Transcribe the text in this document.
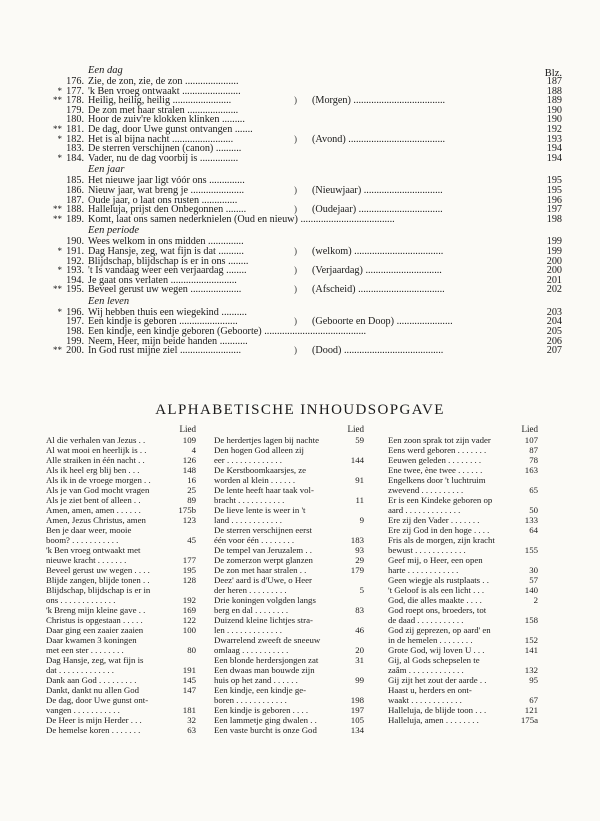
Blz.
Een dag
176. Zie, de zon, zie, de zon .....................	187
* 177. 'k Ben vroeg ontwaakt .......................	188
** 178. Heilig, heilig, heilig .......................	) (Morgen) ....................................	189
179. De zon met haar stralen ....................	190
180. Hoor de zuiv're klokken klinken .........	190
** 181. De dag, door Uwe gunst ontvangen .......	192
* 182. Het is al bijna nacht ........................	) (Avond) ......................................	193
183. De sterren verschijnen (canon) ..........	194
* 184. Vader, nu de dag voorbij is ...............	194
Een jaar
185. Het nieuwe jaar ligt vóór ons ..............	195
186. Nieuw jaar, wat breng je .....................	) (Nieuwjaar) ...............................	195
187. Oude jaar, o laat ons rusten ..............	196
** 188. Halleluja, prijst den Onbegonnen ........	) (Oudejaar) .................................	197
** 189. Komt, laat ons samen nederknielen (Oud en nieuw) .....................................	198
Een periode
190. Wees welkom in ons midden ..............	199
* 191. Dag Hansje, zeg, wat fijn is dat ..........	) (welkom) ...................................	199
192. Blijdschap, blijdschap is er in ons ........	200
* 193. 't Is vandaag weer een verjaardag ........	) (Verjaardag) ..............................	200
194. Je gaat ons verlaten ..........................	201
** 195. Beveel gerust uw wegen ....................	) (Afscheid) ..................................	202
Een leven
* 196. Wij hebben thuis een wiegekind ..........	203
197. Een kindje is geboren .......................	) (Geboorte en Doop) ......................	204
198. Een kindje, een kindje geboren (Geboorte) ........................................	205
199. Neem, Heer, mijn beide handen ...........	206
** 200. In God rust mijne ziel ........................	) (Dood) .......................................	207
ALPHABETISCHE INHOUDSOPGAVE
Lied
Al die verhalen van Jezus . .	109
Al wat mooi en heerlijk is . .	4
Alle straiken in één nacht . .	126
Als ik heel erg blij ben . . .	148
Als ik in de vroege morgen . .	16
Als je van God mocht vragen	25
Als je ziet bent of alleen . .	89
Amen, amen, amen . . . . . .	175b
Amen, Jezus Christus, amen	123
Ben je daar weer, mooie
boom? . . . . . . . . . . .	45
'k Ben vroeg ontwaakt met
nieuwe kracht . . . . . . .	177
Beveel gerust uw wegen . . . .	195
Blijde zangen, blijde tonen . .	128
Blijdschap, blijdschap is er in
ons . . . . . . . . . . . . .	192
'k Breng mijn kleine gave . .	169
Christus is opgestaan . . . . .	122
Daar ging een zaaier zaaien	100
Daar kwamen 3 koningen
met een ster . . . . . . . .	80
Dag Hansje, zeg, wat fijn is
dat . . . . . . . . . . . . .	191
Dank aan God . . . . . . . . .	145
Dankt, dankt nu allen God	147
De dag, door Uwe gunst ont-
vangen . . . . . . . . . . .	181
De Heer is mijn Herder . . .	32
De hemelse koren . . . . . . .	63
Lied
De herdertjes lagen bij nachte	59
Den hogen God alleen zij
eer . . . . . . . . . . . . .	144
De Kerstboomkaarsjes, ze
worden al klein . . . . . .	91
De lente heeft haar taak vol-
bracht . . . . . . . . . . .	11
De lieve lente is weer in 't
land . . . . . . . . . . . .	9
De sterren verschijnen eerst
één voor één . . . . . . . .	183
De tempel van Jeruzalem . .	93
De zomerzon werpt glanzen	29
De zon met haar stralen . .	179
Deez' aard is d'Uwe, o Heer
der heren . . . . . . . . .	5
Drie koningen volgden langs
berg en dal . . . . . . . .	83
Duizend kleine lichtjes stra-
len . . . . . . . . . . . . .	46
Dwarrelend zweeft de sneeuw
omlaag . . . . . . . . . . .	20
Een blonde herdersjongen zat	31
Een dwaas man bouwde zijn
huis op het zand . . . . . .	99
Een kindje, een kindje ge-
boren . . . . . . . . . . . .	198
Een kindje is geboren . . . .	197
Een lammetje ging dwalen . .	105
Een vaste burcht is onze God	134
Lied
Een zoon sprak tot zijn vader	107
Eens werd geboren . . . . . . .	87
Eeuwen geleden . . . . . . . .	78
Ene twee, ène twee . . . . . .	163
Engelkens door 't luchtruim
zwevend . . . . . . . . . .	65
Er is een Kindeke geboren op
aard . . . . . . . . . . . . .	50
Ere zij den Vader . . . . . . .	133
Ere zij God in den hoge . . . .	64
Fris als de morgen, zijn kracht
bewust . . . . . . . . . . . .	155
Geef mij, o Heer, een open
harte . . . . . . . . . . . .	30
Geen wiegje als rustplaats . .	57
't Geloof is als een licht . . .	140
God, die alles maakte . . . .	2
God roept ons, broeders, tot
de daad . . . . . . . . . . .	158
God zij geprezen, op aard' en
in de hemelen . . . . . . . .	152
Grote God, wij loven U . . .	141
Gij, al Gods schepselen te
zaâm . . . . . . . . . . . . .	132
Gij zijt het zout der aarde . .	95
Haast u, herders en ont-
waakt . . . . . . . . . . . .	67
Halleluja, de blijde toon . . .	121
Halleluja, amen . . . . . . . .	175a
